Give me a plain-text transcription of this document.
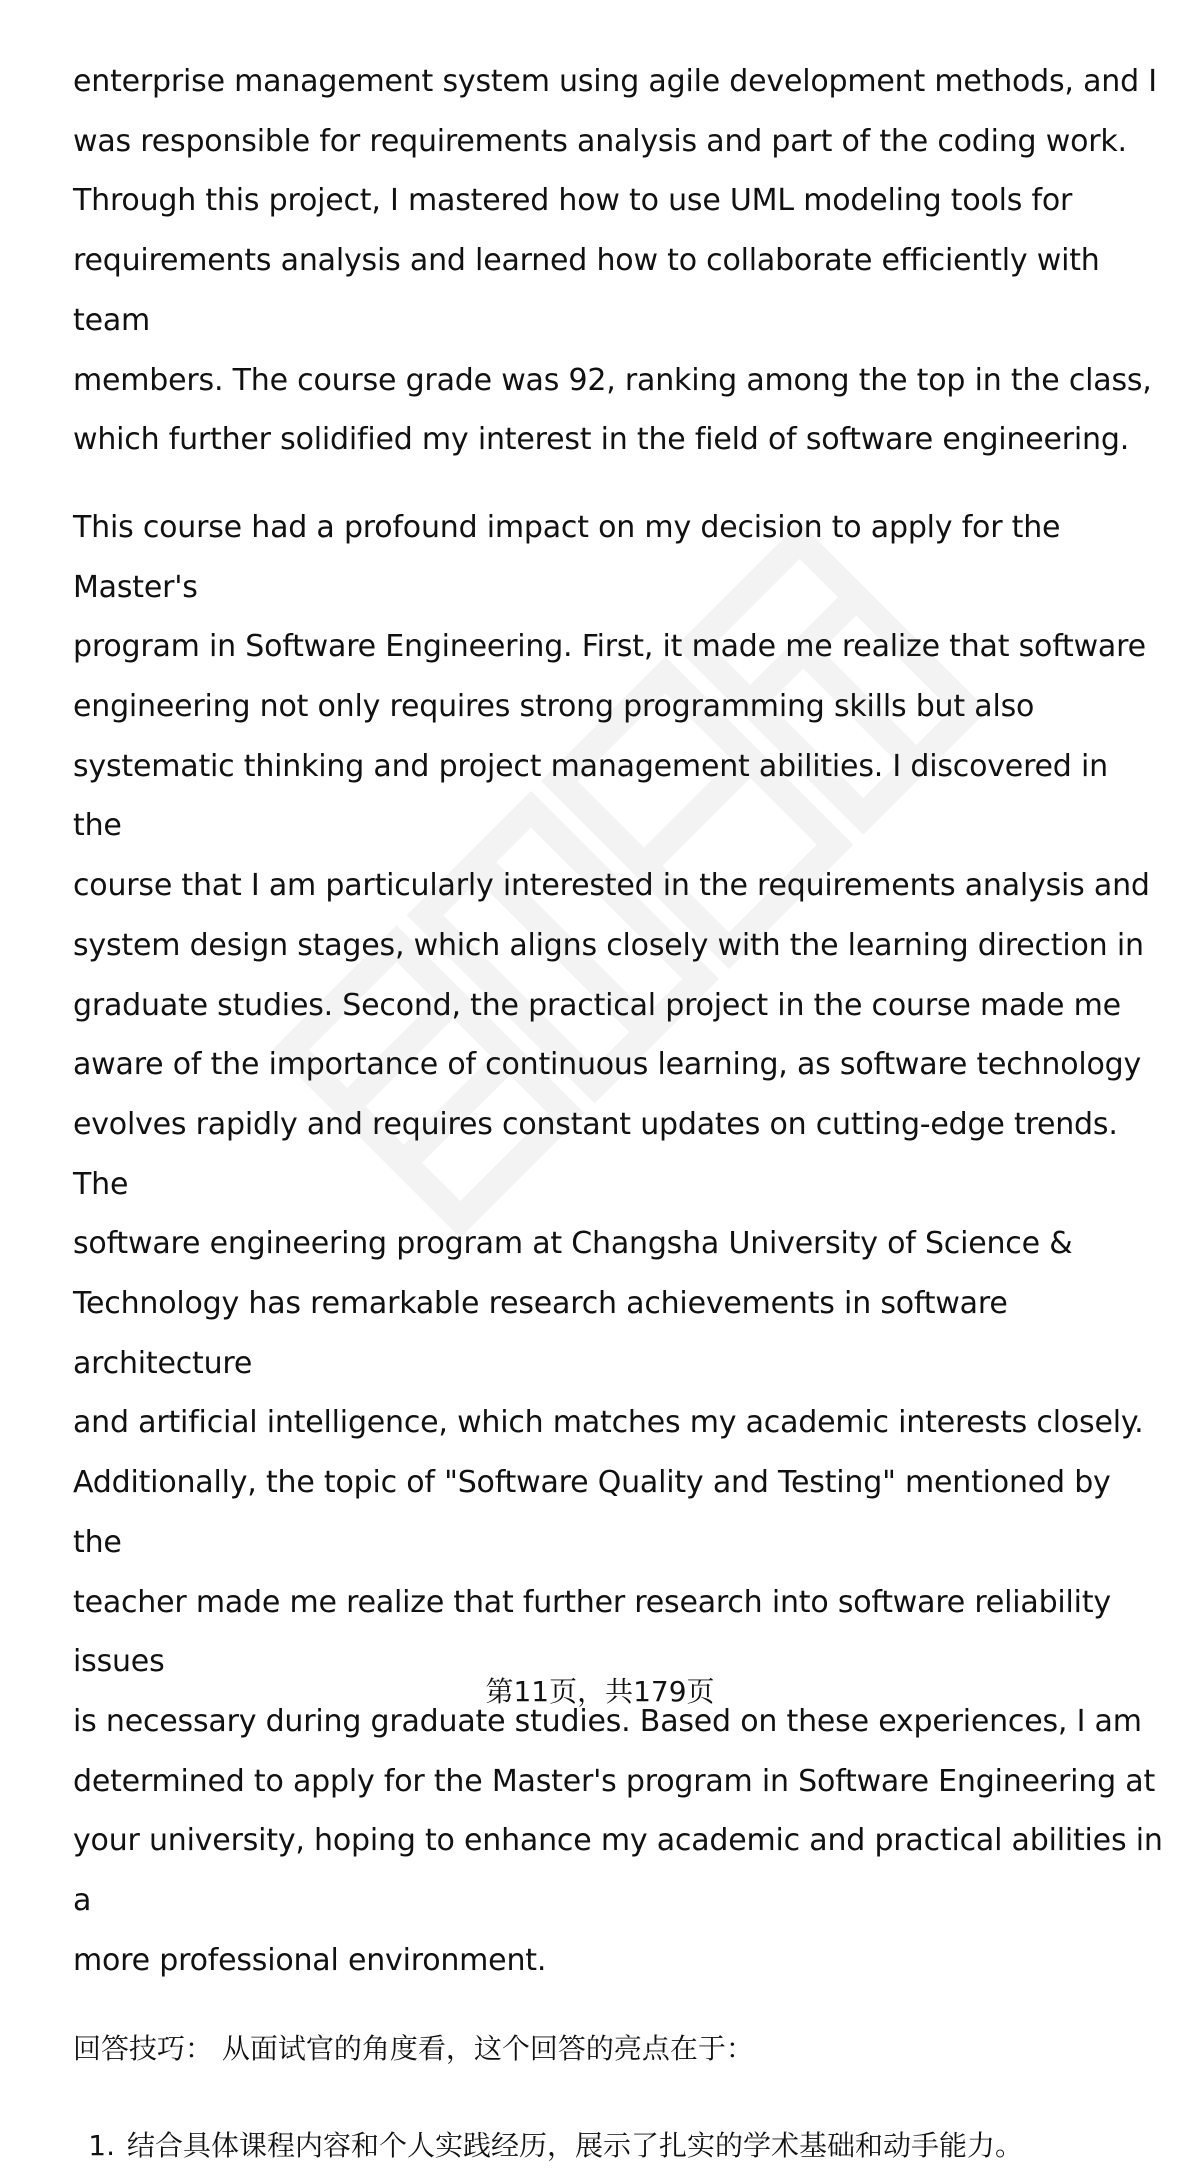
enterprise management system using agile development methods, and I
was responsible for requirements analysis and part of the coding work.
Through this project, I mastered how to use UML modeling tools for
requirements analysis and learned how to collaborate efficiently with team
members. The course grade was 92, ranking among the top in the class,
which further solidified my interest in the field of software engineering.

This course had a profound impact on my decision to apply for the Master's
program in Software Engineering. First, it made me realize that software
engineering not only requires strong programming skills but also
systematic thinking and project management abilities. I discovered in the
course that I am particularly interested in the requirements analysis and
system design stages, which aligns closely with the learning direction in
graduate studies. Second, the practical project in the course made me
aware of the importance of continuous learning, as software technology
evolves rapidly and requires constant updates on cutting-edge trends. The
software engineering program at Changsha University of Science &
Technology has remarkable research achievements in software architecture
and artificial intelligence, which matches my academic interests closely.
Additionally, the topic of "Software Quality and Testing" mentioned by the
teacher made me realize that further research into software reliability issues
is necessary during graduate studies. Based on these experiences, I am
determined to apply for the Master's program in Software Engineering at
your university, hoping to enhance my academic and practical abilities in a
more professional environment.

回答技巧： 从面试官的角度看，这个回答的亮点在于：

1. 结合具体课程内容和个人实践经历，展示了扎实的学术基础和动手能力。
第11页，共179页
